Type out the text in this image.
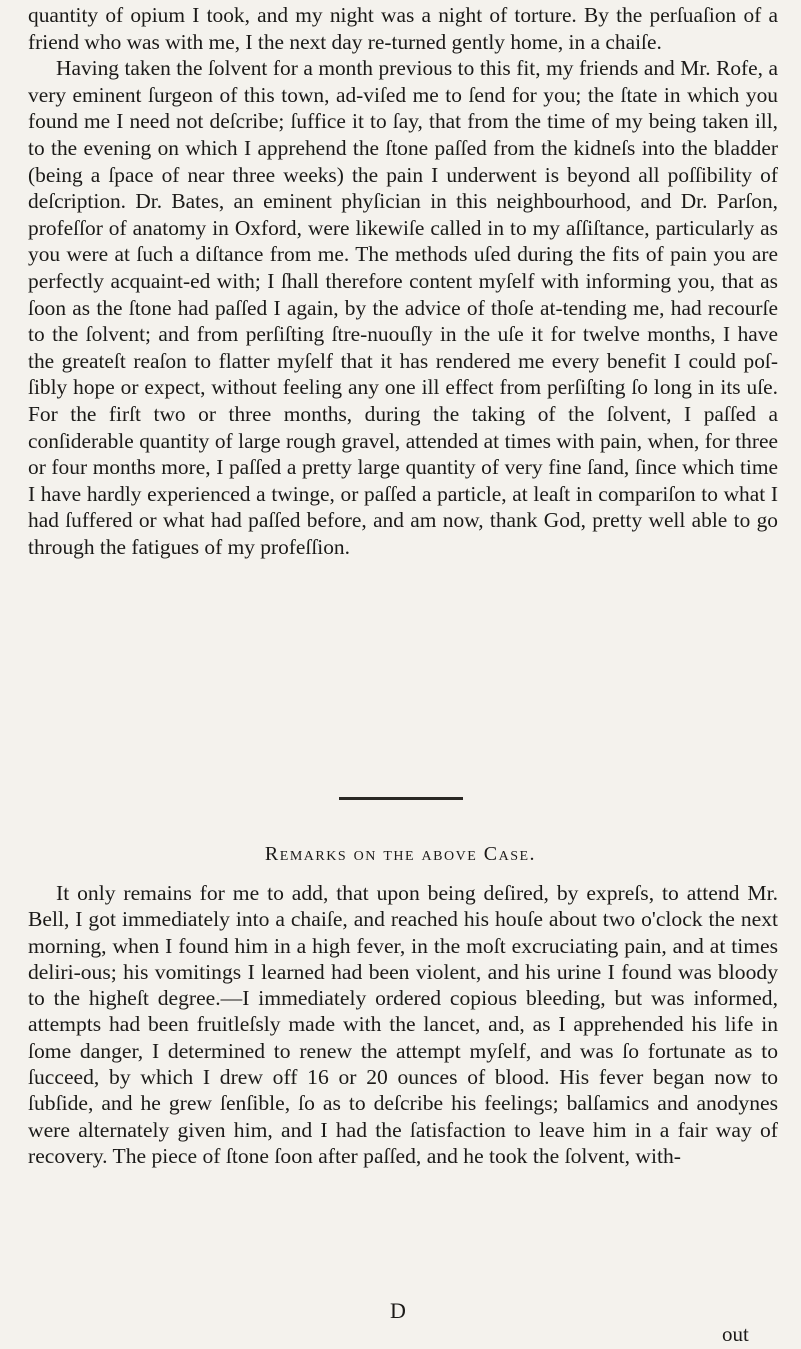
quantity of opium I took, and my night was a night of torture. By the perſuaſion of a friend who was with me, I the next day re-turned gently home, in a chaiſe.

Having taken the ſolvent for a month previous to this fit, my friends and Mr. Rofe, a very eminent ſurgeon of this town, ad-viſed me to ſend for you; the ſtate in which you found me I need not deſcribe; ſuffice it to ſay, that from the time of my being taken ill, to the evening on which I apprehend the ſtone paſſed from the kidneſs into the bladder (being a ſpace of near three weeks) the pain I underwent is beyond all poſſibility of deſcription. Dr. Bates, an eminent phyſician in this neighbourhood, and Dr. Parſon, profeſſor of anatomy in Oxford, were likewiſe called in to my aſſiſtance, particularly as you were at ſuch a diſtance from me. The methods uſed during the fits of pain you are perfectly acquaint-ed with; I ſhall therefore content myſelf with informing you, that as ſoon as the ſtone had paſſed I again, by the advice of thoſe at-tending me, had recourſe to the ſolvent; and from perſiſting ſtre-nuouſly in the uſe it for twelve months, I have the greateſt reaſon to flatter myſelf that it has rendered me every benefit I could poſ-ſibly hope or expect, without feeling any one ill effect from perſiſting ſo long in its uſe. For the firſt two or three months, during the taking of the ſolvent, I paſſed a conſiderable quantity of large rough gravel, attended at times with pain, when, for three or four months more, I paſſed a pretty large quantity of very fine ſand, ſince which time I have hardly experienced a twinge, or paſſed a particle, at leaſt in compariſon to what I had ſuffered or what had paſſed before, and am now, thank God, pretty well able to go through the fatigues of my profeſſion.

Remarks on the above Case.

It only remains for me to add, that upon being deſired, by expreſs, to attend Mr. Bell, I got immediately into a chaiſe, and reached his houſe about two o'clock the next morning, when I found him in a high fever, in the moſt excruciating pain, and at times deliri-ous; his vomitings I learned had been violent, and his urine I found was bloody to the higheſt degree.—I immediately ordered copious bleeding, but was informed, attempts had been fruitleſsly made with the lancet, and, as I apprehended his life in ſome danger, I determined to renew the attempt myſelf, and was ſo fortunate as to ſucceed, by which I drew off 16 or 20 ounces of blood. His fever began now to ſubſide, and he grew ſenſible, ſo as to deſcribe his feelings; balſamics and anodynes were alternately given him, and I had the ſatisfaction to leave him in a fair way of recovery. The piece of ſtone ſoon after paſſed, and he took the ſolvent, with-

D
out
